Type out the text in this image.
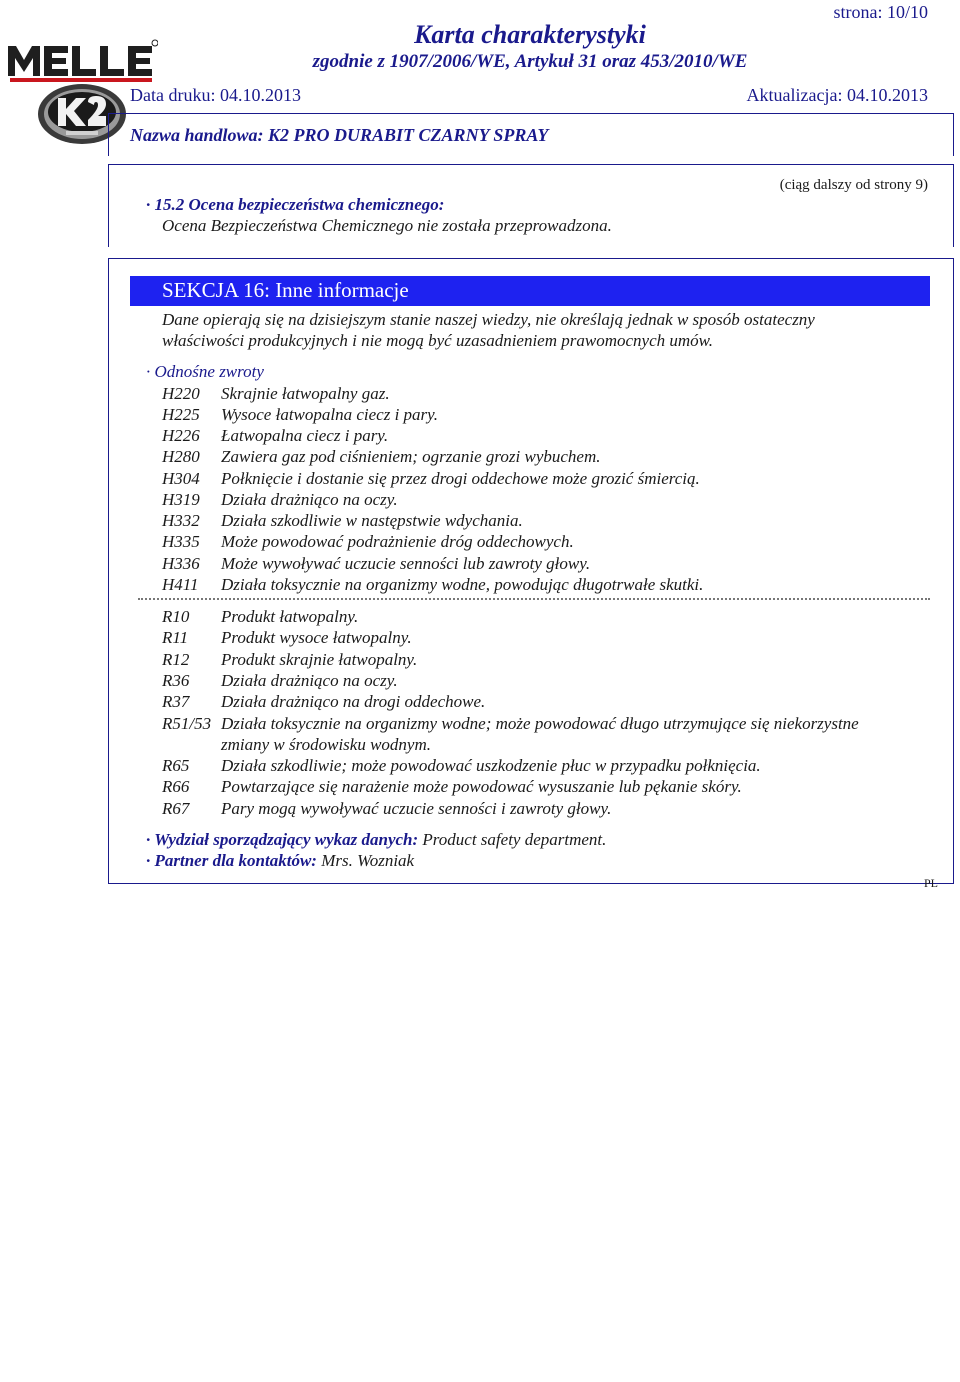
strona: 10/10
Karta charakterystyki
zgodnie z 1907/2006/WE, Artykuł 31 oraz 453/2010/WE
Data druku: 04.10.2013	Aktualizacja: 04.10.2013
Nazwa handlowa: K2 PRO DURABIT CZARNY SPRAY
(ciąg dalszy od strony 9)
· 15.2 Ocena bezpieczeństwa chemicznego:
Ocena Bezpieczeństwa Chemicznego nie została przeprowadzona.
SEKCJA 16: Inne informacje
Dane opierają się na dzisiejszym stanie naszej wiedzy, nie określają jednak w sposób ostateczny
właściwości produkcyjnych i nie mogą być uzasadnieniem prawomocnych umów.
· Odnośne zwroty
H220 Skrajnie łatwopalny gaz.
H225 Wysoce łatwopalna ciecz i pary.
H226 Łatwopalna ciecz i pary.
H280 Zawiera gaz pod ciśnieniem; ogrzanie grozi wybuchem.
H304 Połknięcie i dostanie się przez drogi oddechowe może grozić śmiercią.
H319 Działa drażniąco na oczy.
H332 Działa szkodliwie w następstwie wdychania.
H335 Może powodować podrażnienie dróg oddechowych.
H336 Może wywoływać uczucie senności lub zawroty głowy.
H411 Działa toksycznie na organizmy wodne, powodując długotrwałe skutki.
R10 Produkt łatwopalny.
R11 Produkt wysoce łatwopalny.
R12 Produkt skrajnie łatwopalny.
R36 Działa drażniąco na oczy.
R37 Działa drażniąco na drogi oddechowe.
R51/53 Działa toksycznie na organizmy wodne; może powodować długo utrzymujące się niekorzystne
zmiany w środowisku wodnym.
R65 Działa szkodliwie; może powodować uszkodzenie płuc w przypadku połknięcia.
R66 Powtarzające się narażenie może powodować wysuszanie lub pękanie skóry.
R67 Pary mogą wywoływać uczucie senności i zawroty głowy.
· Wydział sporządzający wykaz danych: Product safety department.
· Partner dla kontaktów: Mrs. Wozniak
PL
